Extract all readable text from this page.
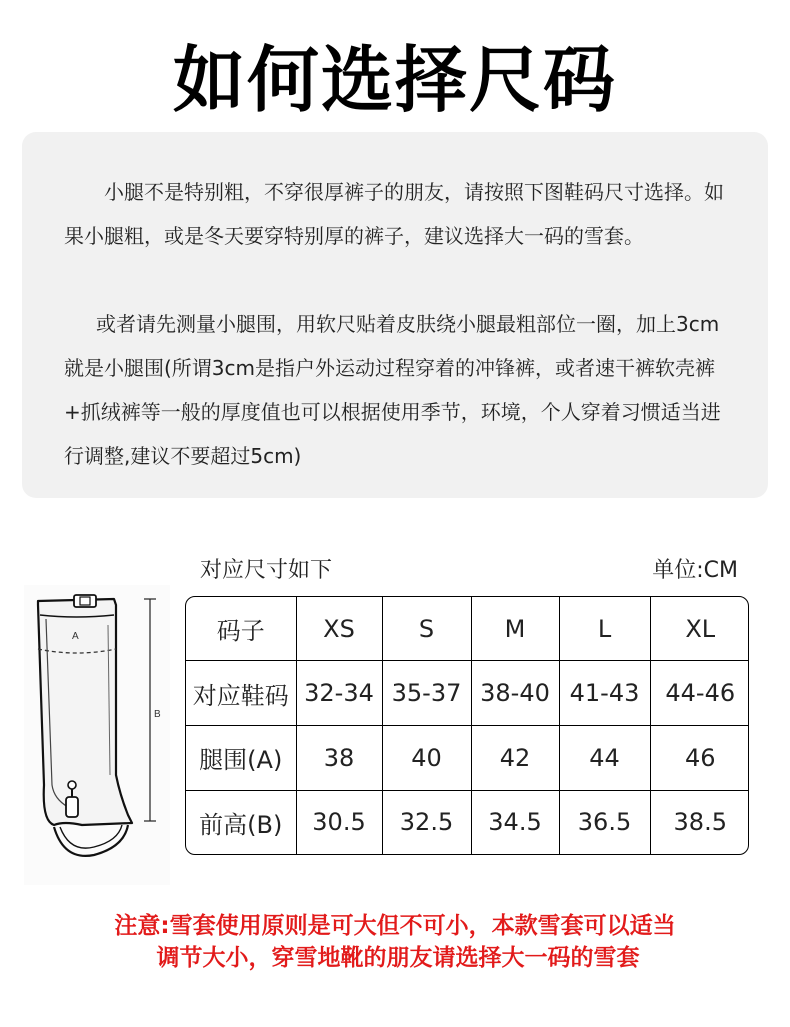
如何选择尺码

小腿不是特别粗，不穿很厚裤子的朋友，请按照下图鞋码尺寸选择。如果小腿粗，或是冬天要穿特别厚的裤子，建议选择大一码的雪套。

或者请先测量小腿围，用软尺贴着皮肤绕小腿最粗部位一圈，加上3cm就是小腿围(所谓3cm是指户外运动过程穿着的冲锋裤，或者速干裤软壳裤+抓绒裤等一般的厚度值也可以根据使用季节，环境，个人穿着习惯适当进行调整,建议不要超过5cm)

对应尺寸如下	单位:CM
A
B
码子	XS	S	M	L	XL
对应鞋码	32-34	35-37	38-40	41-43	44-46
腿围(A)	38	40	42	44	46
前高(B)	30.5	32.5	34.5	36.5	38.5
注意:雪套使用原则是可大但不可小，本款雪套可以适当
调节大小，穿雪地靴的朋友请选择大一码的雪套
